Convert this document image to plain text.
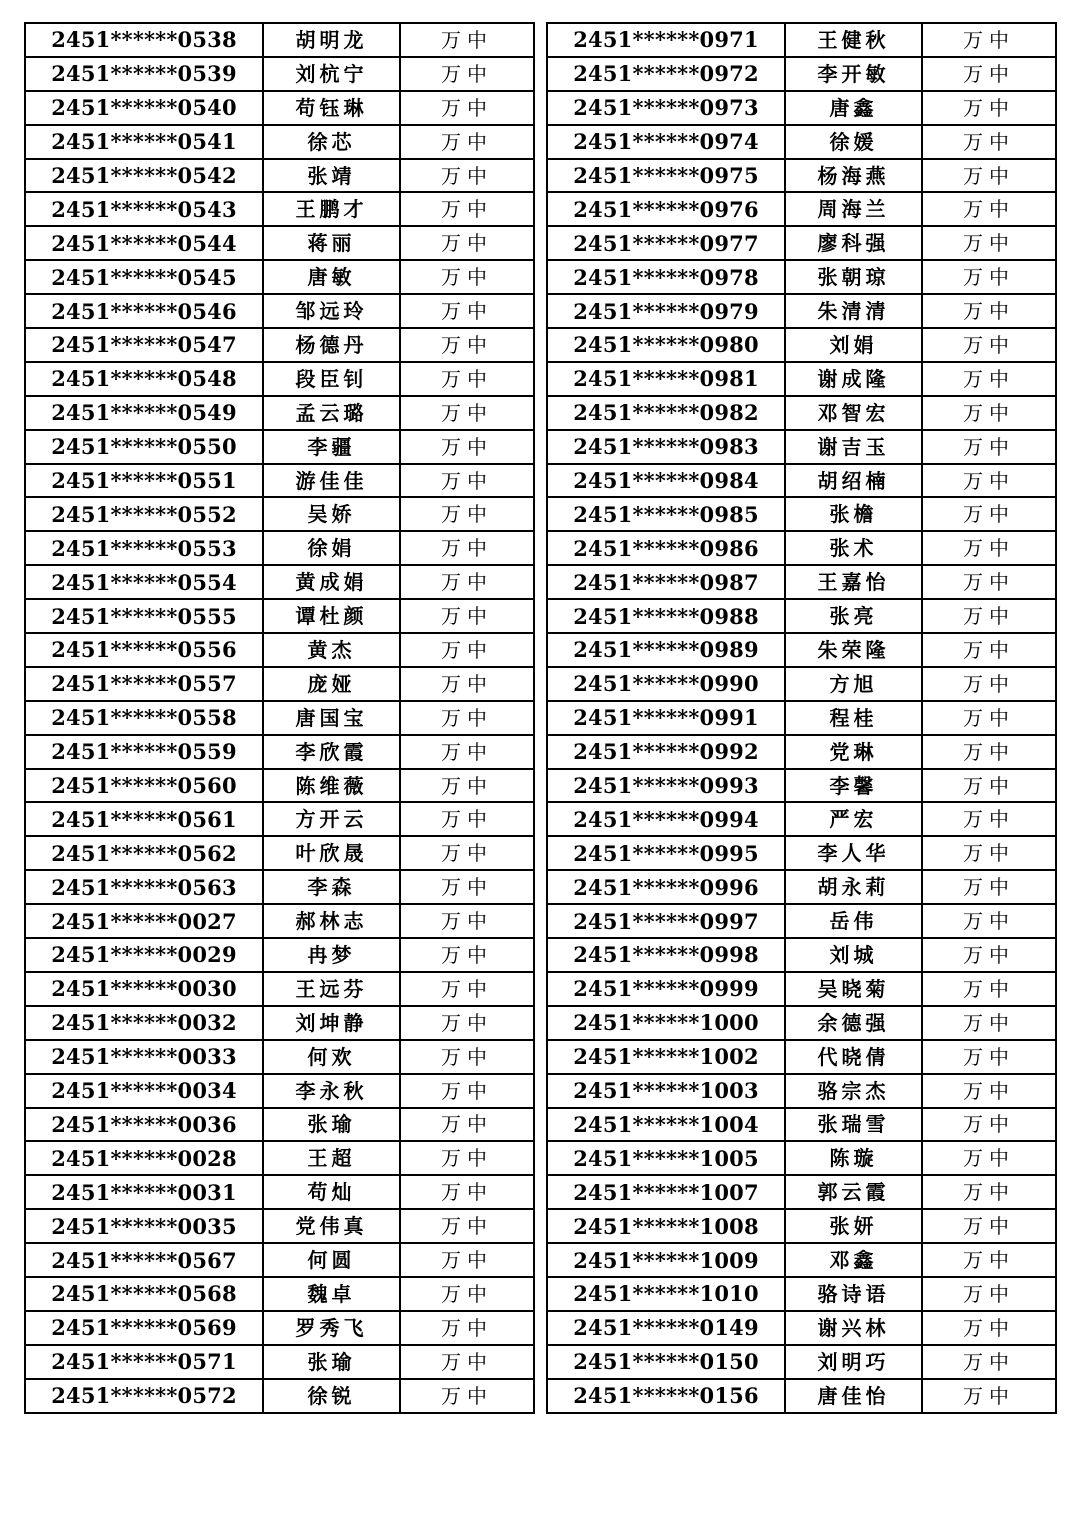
2451******0538	胡明龙	万中
2451******0539	刘杭宁	万中
2451******0540	苟钰琳	万中
2451******0541	徐芯	万中
2451******0542	张靖	万中
2451******0543	王鹏才	万中
2451******0544	蒋丽	万中
2451******0545	唐敏	万中
2451******0546	邹远玲	万中
2451******0547	杨德丹	万中
2451******0548	段臣钊	万中
2451******0549	孟云璐	万中
2451******0550	李疆	万中
2451******0551	游佳佳	万中
2451******0552	吴娇	万中
2451******0553	徐娟	万中
2451******0554	黄成娟	万中
2451******0555	谭杜颜	万中
2451******0556	黄杰	万中
2451******0557	庞娅	万中
2451******0558	唐国宝	万中
2451******0559	李欣霞	万中
2451******0560	陈维薇	万中
2451******0561	方开云	万中
2451******0562	叶欣晟	万中
2451******0563	李森	万中
2451******0027	郝林志	万中
2451******0029	冉梦	万中
2451******0030	王远芬	万中
2451******0032	刘坤静	万中
2451******0033	何欢	万中
2451******0034	李永秋	万中
2451******0036	张瑜	万中
2451******0028	王超	万中
2451******0031	苟灿	万中
2451******0035	党伟真	万中
2451******0567	何圆	万中
2451******0568	魏卓	万中
2451******0569	罗秀飞	万中
2451******0571	张瑜	万中
2451******0572	徐锐	万中
2451******0971	王健秋	万中
2451******0972	李开敏	万中
2451******0973	唐鑫	万中
2451******0974	徐媛	万中
2451******0975	杨海燕	万中
2451******0976	周海兰	万中
2451******0977	廖科强	万中
2451******0978	张朝琼	万中
2451******0979	朱清清	万中
2451******0980	刘娟	万中
2451******0981	谢成隆	万中
2451******0982	邓智宏	万中
2451******0983	谢吉玉	万中
2451******0984	胡绍楠	万中
2451******0985	张檐	万中
2451******0986	张术	万中
2451******0987	王嘉怡	万中
2451******0988	张亮	万中
2451******0989	朱荣隆	万中
2451******0990	方旭	万中
2451******0991	程桂	万中
2451******0992	党琳	万中
2451******0993	李馨	万中
2451******0994	严宏	万中
2451******0995	李人华	万中
2451******0996	胡永莉	万中
2451******0997	岳伟	万中
2451******0998	刘城	万中
2451******0999	吴晓菊	万中
2451******1000	余德强	万中
2451******1002	代晓倩	万中
2451******1003	骆宗杰	万中
2451******1004	张瑞雪	万中
2451******1005	陈璇	万中
2451******1007	郭云霞	万中
2451******1008	张妍	万中
2451******1009	邓鑫	万中
2451******1010	骆诗语	万中
2451******0149	谢兴林	万中
2451******0150	刘明巧	万中
2451******0156	唐佳怡	万中
